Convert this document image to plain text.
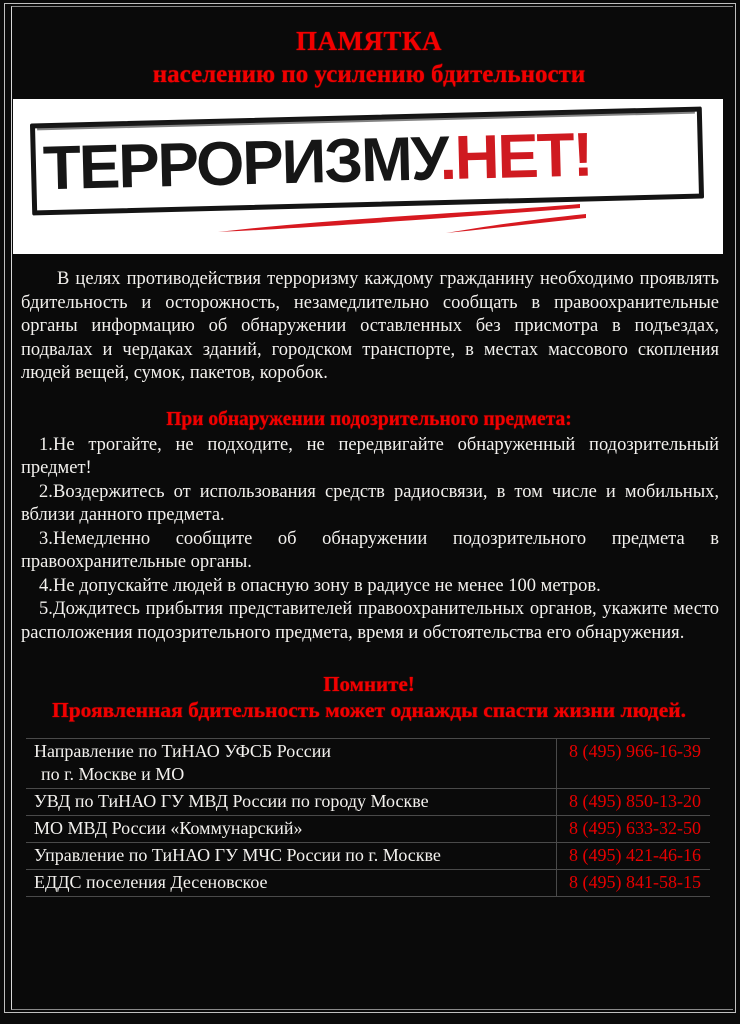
ПАМЯТКА
населению по усилению бдительности
ТЕРРОРИЗМУ.НЕТ!

В целях противодействия терроризму каждому гражданину необходимо проявлять бдительность и осторожность, незамедлительно сообщать в правоохранительные органы информацию об обнаружении оставленных без присмотра в подъездах, подвалах и чердаках зданий, городском транспорте, в местах массового скопления людей вещей, сумок, пакетов, коробок.

При обнаружении подозрительного предмета:

1.Не трогайте, не подходите, не передвигайте обнаруженный подозрительный предмет!

2.Воздержитесь от использования средств радиосвязи, в том числе и мобильных, вблизи данного предмета.

3.Немедленно сообщите об обнаружении подозрительного предмета в правоохранительные органы.

4.Не допускайте людей в опасную зону в радиусе не менее 100 метров.

5.Дождитесь прибытия представителей правоохранительных органов, укажите место расположения подозрительного предмета, время и обстоятельства его обнаружения.

Помните!
Проявленная бдительность может однажды спасти жизни людей.
Направление по ТиНАО УФСБ России
по г. Москве и МО	8 (495) 966-16-39
УВД по ТиНАО ГУ МВД России по городу Москве	8 (495) 850-13-20
МО МВД России «Коммунарский»	8 (495) 633-32-50
Управление по ТиНАО ГУ МЧС России по г. Москве	8 (495) 421-46-16
ЕДДС поселения Десеновское	8 (495) 841-58-15
